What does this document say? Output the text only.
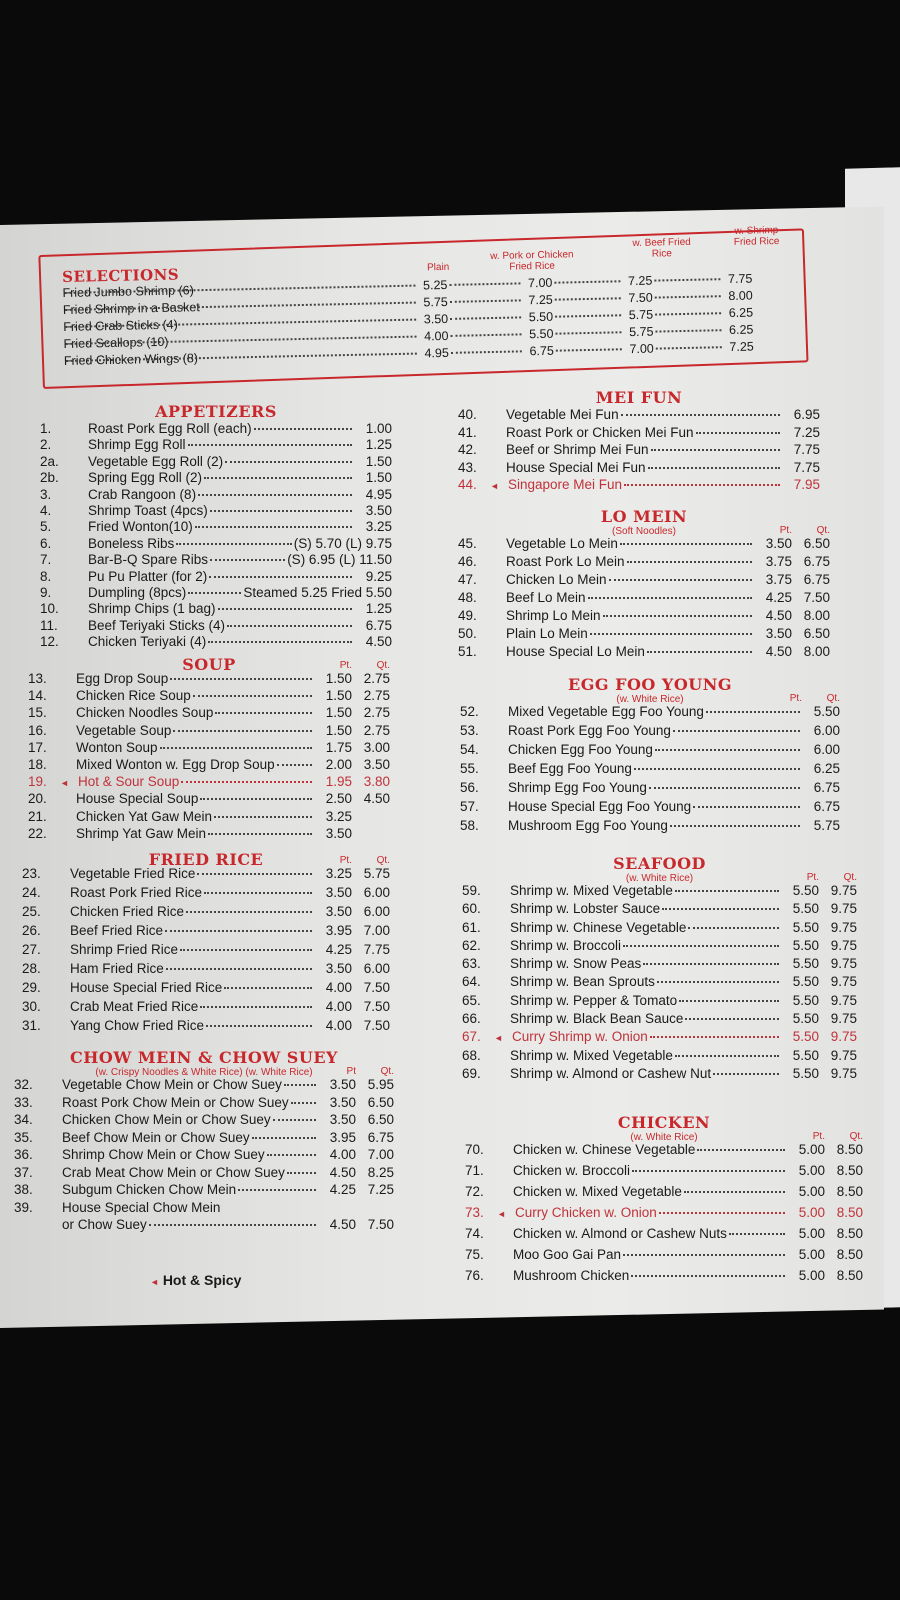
SELECTIONS	Plain
w. Pork or Chicken Fried Rice
w. Beef Fried Rice
w. Shrimp Fried Rice
Fried Jumbo Shrimp (6)	5.25	7.00	7.25	7.75
Fried Shrimp in a Basket	5.75	7.25	7.50	8.00
Fried Crab Sticks (4)	3.50	5.50	5.75	6.25
Fried Scallops (10)	4.00	5.50	5.75	6.25
Fried Chicken Wings (8)	4.95	6.75	7.00	7.25
APPETIZERS
1.	Roast Pork Egg Roll (each)	1.00
2.	Shrimp Egg Roll	1.25
2a.	Vegetable Egg Roll (2)	1.50
2b.	Spring Egg Roll (2)	1.50
3.	Crab Rangoon (8)	4.95
4.	Shrimp Toast (4pcs)	3.50
5.	Fried Wonton(10)	3.25
6.	Boneless Ribs	(S) 5.70 (L) 9.75
7.	Bar-B-Q Spare Ribs	(S) 6.95 (L) 11.50
8.	Pu Pu Platter (for 2)	9.25
9.	Dumpling (8pcs)	Steamed 5.25 Fried 5.50
10.	Shrimp Chips (1 bag)	1.25
11.	Beef Teriyaki Sticks (4)	6.75
12.	Chicken Teriyaki (4)	4.50
SOUP	Pt.	Qt.
13.	Egg Drop Soup	1.50 2.75
14.	Chicken Rice Soup	1.50 2.75
15.	Chicken Noodles Soup	1.50 2.75
16.	Vegetable Soup	1.50 2.75
17.	Wonton Soup	1.75 3.00
18.	Mixed Wonton w. Egg Drop Soup	2.00 3.50
19.	◄ Hot & Sour Soup	1.95 3.80
20.	House Special Soup	2.50 4.50
21.	Chicken Yat Gaw Mein	3.25
22.	Shrimp Yat Gaw Mein	3.50
FRIED RICE	Pt.	Qt.
23.	Vegetable Fried Rice	3.25 5.75
24.	Roast Pork Fried Rice	3.50 6.00
25.	Chicken Fried Rice	3.50 6.00
26.	Beef Fried Rice	3.95 7.00
27.	Shrimp Fried Rice	4.25 7.75
28.	Ham Fried Rice	3.50 6.00
29.	House Special Fried Rice	4.00 7.50
30.	Crab Meat Fried Rice	4.00 7.50
31.	Yang Chow Fried Rice	4.00 7.50
CHOW MEIN & CHOW SUEY
(w. Crispy Noodles & White Rice) (w. White Rice)	Pt	Qt.
32.	Vegetable Chow Mein or Chow Suey	3.50 5.95
33.	Roast Pork Chow Mein or Chow Suey	3.50 6.50
34.	Chicken Chow Mein or Chow Suey	3.50 6.50
35.	Beef Chow Mein or Chow Suey	3.95 6.75
36.	Shrimp Chow Mein or Chow Suey	4.00 7.00
37.	Crab Meat Chow Mein or Chow Suey	4.50 8.25
38.	Subgum Chicken Chow Mein	4.25 7.25
39.	House Special Chow Mein
or Chow Suey	4.50 7.50
MEI FUN
40.	Vegetable Mei Fun	6.95
41.	Roast Pork or Chicken Mei Fun	7.25
42.	Beef or Shrimp Mei Fun	7.75
43.	House Special Mei Fun	7.75
44.	◄ Singapore Mei Fun	7.95
LO MEIN
(Soft Noodles)	Pt.	Qt.
45.	Vegetable Lo Mein	3.50 6.50
46.	Roast Pork Lo Mein	3.75 6.75
47.	Chicken Lo Mein	3.75 6.75
48.	Beef Lo Mein	4.25 7.50
49.	Shrimp Lo Mein	4.50 8.00
50.	Plain Lo Mein	3.50 6.50
51.	House Special Lo Mein	4.50 8.00
EGG FOO YOUNG
(w. White Rice)	Pt.	Qt.
52.	Mixed Vegetable Egg Foo Young	5.50
53.	Roast Pork Egg Foo Young	6.00
54.	Chicken Egg Foo Young	6.00
55.	Beef Egg Foo Young	6.25
56.	Shrimp Egg Foo Young	6.75
57.	House Special Egg Foo Young	6.75
58.	Mushroom Egg Foo Young	5.75
SEAFOOD
(w. White Rice)	Pt.	Qt.
59.	Shrimp w. Mixed Vegetable	5.50 9.75
60.	Shrimp w. Lobster Sauce	5.50 9.75
61.	Shrimp w. Chinese Vegetable	5.50 9.75
62.	Shrimp w. Broccoli	5.50 9.75
63.	Shrimp w. Snow Peas	5.50 9.75
64.	Shrimp w. Bean Sprouts	5.50 9.75
65.	Shrimp w. Pepper & Tomato	5.50 9.75
66.	Shrimp w. Black Bean Sauce	5.50 9.75
67.	◄ Curry Shrimp w. Onion	5.50 9.75
68.	Shrimp w. Mixed Vegetable	5.50 9.75
69.	Shrimp w. Almond or Cashew Nut	5.50 9.75
CHICKEN
(w. White Rice)	Pt.	Qt.
70.	Chicken w. Chinese Vegetable	5.00 8.50
71.	Chicken w. Broccoli	5.00 8.50
72.	Chicken w. Mixed Vegetable	5.00 8.50
73.	◄ Curry Chicken w. Onion	5.00 8.50
74.	Chicken w. Almond or Cashew Nuts	5.00 8.50
75.	Moo Goo Gai Pan	5.00 8.50
76.	Mushroom Chicken	5.00 8.50
◄ Hot & Spicy
